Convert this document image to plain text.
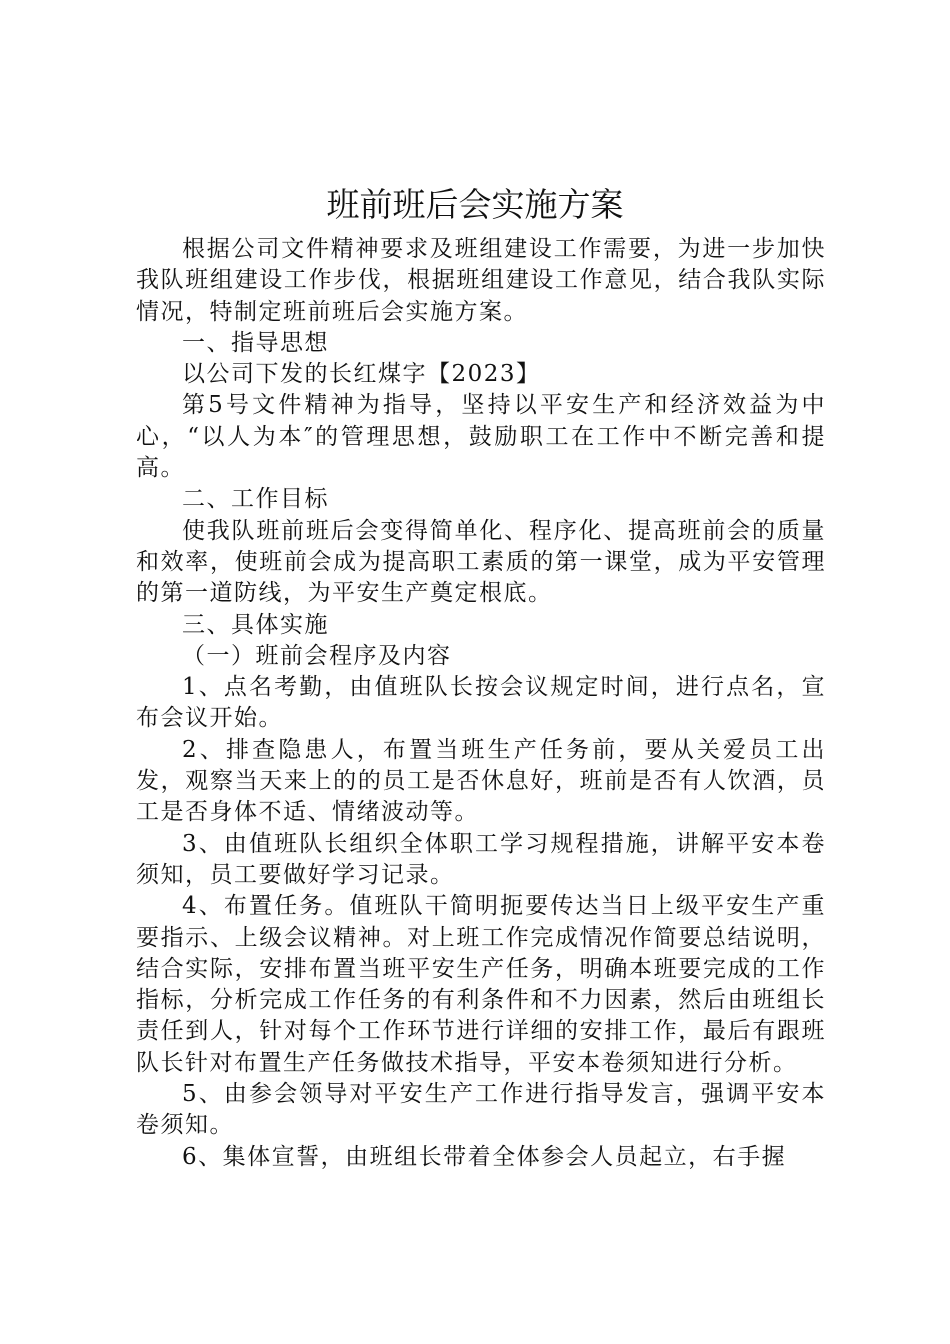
班前班后会实施方案

根据公司文件精神要求及班组建设工作需要，为进一步加快我队班组建设工作步伐，根据班组建设工作意见，结合我队实际情况，特制定班前班后会实施方案。

一、指导思想

以公司下发的长红煤字【2023】

第5号文件精神为指导，坚持以平安生产和经济效益为中心，“以人为本″的管理思想，鼓励职工在工作中不断完善和提高。

二、工作目标

使我队班前班后会变得简单化、程序化、提高班前会的质量和效率，使班前会成为提高职工素质的第一课堂，成为平安管理的第一道防线，为平安生产奠定根底。

三、具体实施

（一）班前会程序及内容

1、点名考勤，由值班队长按会议规定时间，进行点名，宣布会议开始。

2、排查隐患人，布置当班生产任务前，要从关爱员工出发，观察当天来上的的员工是否休息好，班前是否有人饮酒，员工是否身体不适、情绪波动等。

3、由值班队长组织全体职工学习规程措施，讲解平安本卷须知，员工要做好学习记录。

4、布置任务。值班队干简明扼要传达当日上级平安生产重要指示、上级会议精神。对上班工作完成情况作简要总结说明，结合实际，安排布置当班平安生产任务，明确本班要完成的工作指标，分析完成工作任务的有利条件和不力因素，然后由班组长责任到人，针对每个工作环节进行详细的安排工作，最后有跟班队长针对布置生产任务做技术指导，平安本卷须知进行分析。

5、由参会领导对平安生产工作进行指导发言，强调平安本卷须知。

6、集体宣誓，由班组长带着全体参会人员起立，右手握
